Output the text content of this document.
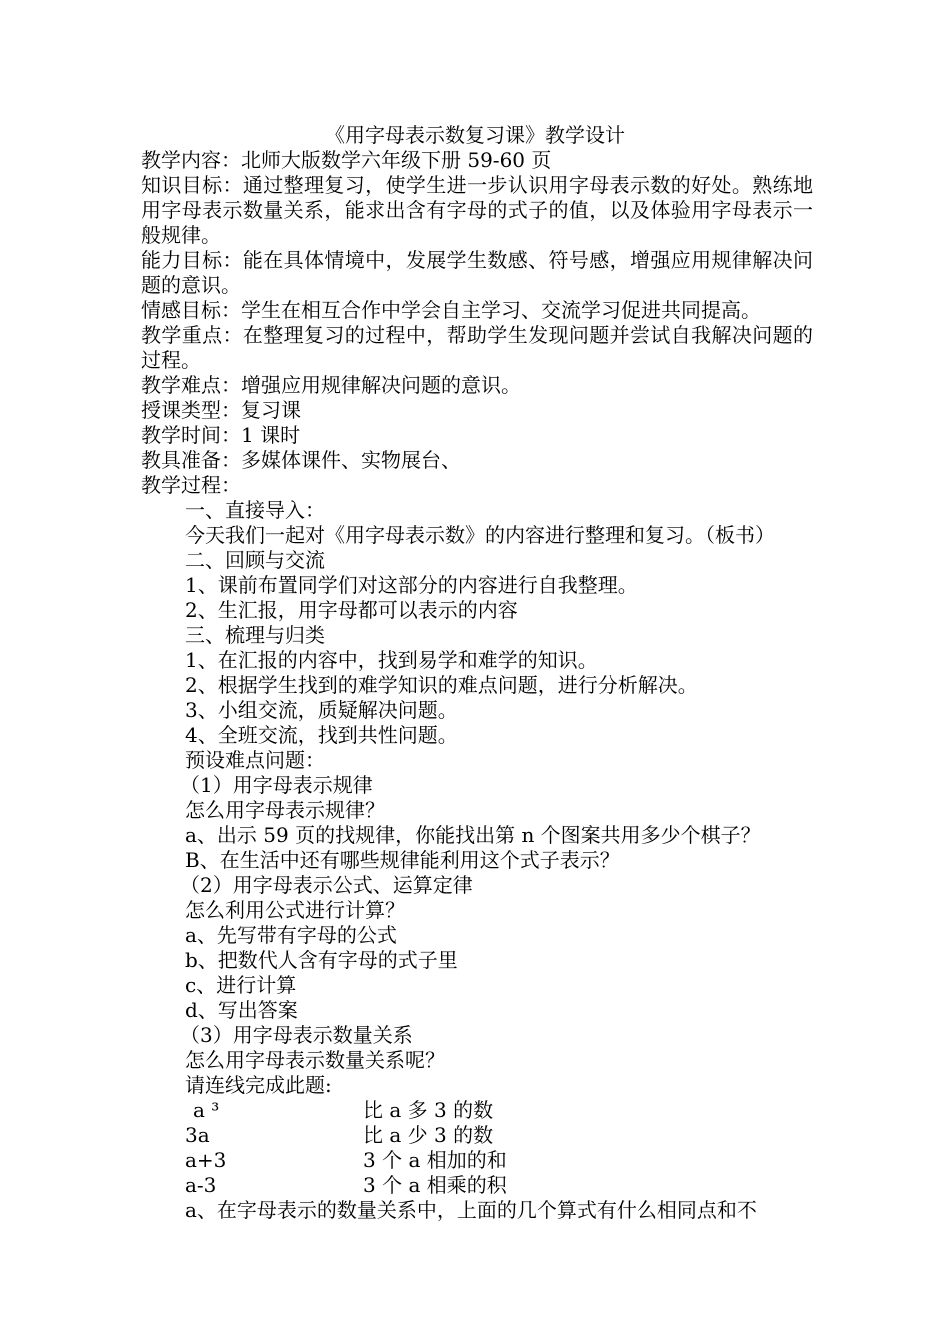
《用字母表示数复习课》教学设计

教学内容：北师大版数学六年级下册 59-60 页

知识目标：通过整理复习，使学生进一步认识用字母表示数的好处。熟练地用字母表示数量关系，能求出含有字母的式子的值，以及体验用字母表示一般规律。

能力目标：能在具体情境中，发展学生数感、符号感，增强应用规律解决问题的意识。

情感目标：学生在相互合作中学会自主学习、交流学习促进共同提高。

教学重点：在整理复习的过程中，帮助学生发现问题并尝试自我解决问题的过程。

教学难点：增强应用规律解决问题的意识。

授课类型：复习课

教学时间：1 课时

教具准备：多媒体课件、实物展台、

教学过程：

一、直接导入：

今天我们一起对《用字母表示数》的内容进行整理和复习。（板书）

二、回顾与交流

1、课前布置同学们对这部分的内容进行自我整理。

2、生汇报，用字母都可以表示的内容

三、梳理与归类

1、在汇报的内容中，找到易学和难学的知识。

2、根据学生找到的难学知识的难点问题，进行分析解决。

3、小组交流，质疑解决问题。

4、全班交流，找到共性问题。

预设难点问题：

（1）用字母表示规律

怎么用字母表示规律？

a、出示 59 页的找规律，你能找出第 n 个图案共用多少个棋子？

B、在生活中还有哪些规律能利用这个式子表示？

（2）用字母表示公式、运算定律

怎么利用公式进行计算？

a、先写带有字母的公式

b、把数代人含有字母的式子里

c、进行计算

d、写出答案

（3）用字母表示数量关系

怎么用字母表示数量关系呢？

请连线完成此题:

a ³	比 a 多 3 的数
3a	比 a 少 3 的数
a+3	3 个 a 相加的和
a-3	3 个 a 相乘的积

a、在字母表示的数量关系中，上面的几个算式有什么相同点和不
